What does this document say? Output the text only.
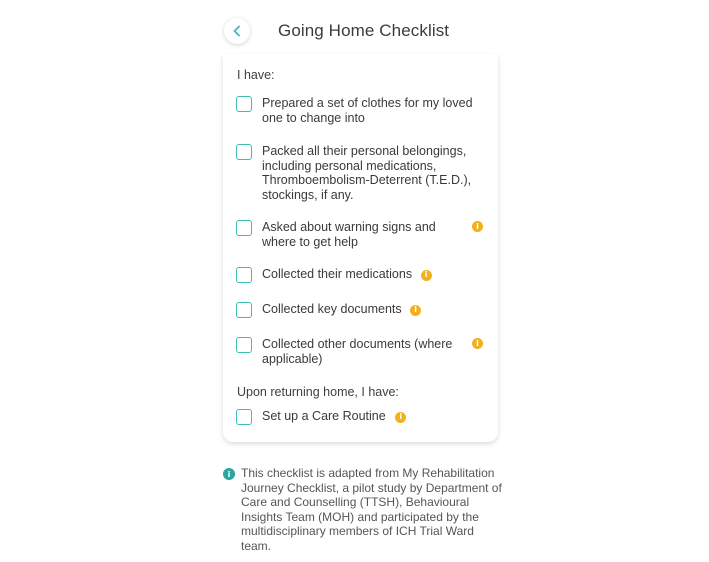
Going Home Checklist
I have:
Prepared a set of clothes for my loved one to change into
Packed all their personal belongings, including personal medications, Thromboembolism-Deterrent (T.E.D.), stockings, if any.
Asked about warning signs and where to get help
i
Collected their medications i
Collected key documents i
Collected other documents (where applicable)
i
Upon returning home, I have:
Set up a Care Routine i
i This checklist is adapted from My Rehabilitation Journey Checklist, a pilot study by Department of Care and Counselling (TTSH), Behavioural Insights Team (MOH) and participated by the multidisciplinary members of ICH Trial Ward team.
